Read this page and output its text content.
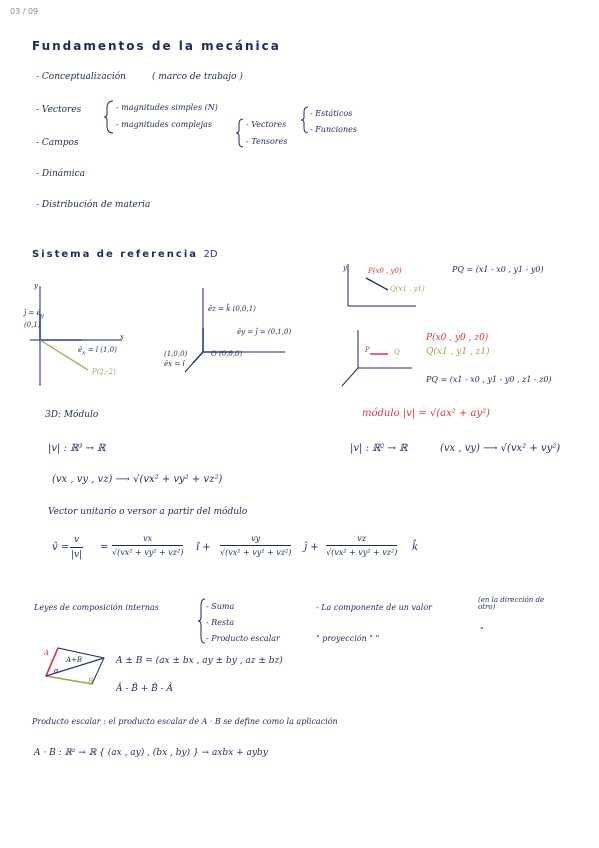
03 / 09
Fundamentos de la mecánica
- Conceptualización	( marco de trabajo )
- Vectores	- magnitudes simples (N)
- magnitudes complejas	- Vectores
- Tensores
- Estáticos
- Funciones
- Campos
- Dinámica
- Distribución de materia
Sistema de referencia 2D
y
x
ĵ = $ê_y$
(0,1)
$ê_x$ = î (1,0)
P(2,-2)
êz = k̂ (0,0,1)
êy = ĵ = (0,1,0)
(1,0,0)
êx = î
O (0,0,0)
y	P(x0 , y0)
Q(x1 , y1)
PQ = (x1 - x0 , y1 - y0)
P	Q
P(x0 , y0 , z0)
Q(x1 , y1 , z1)
PQ = (x1 - x0 , y1 - y0 , z1 - z0)
3D: Módulo	módulo |v| = √(ax² + ay²)
|v| : ℝ³ → ℝ	|v| : ℝ² → ℝ	(vx , vy) ⟶ √(vx² + vy²)
(vx , vy , vz) ⟶ √(vx² + vy² + vz²)
Vector unitario o versor a partir del módulo
v̂ = $\frac{v}{|v|} = \frac{vx}{\text{√(vx² + vy² + vz²)}}$ î + $\frac{vy}{\text{√(vx² + vy² + vz²)}}$ ĵ + $\frac{vz}{\text{√(vx² + vy² + vz²)}}$ k̂
Leyes de composición internas	- Suma
- Resta
- Producto escalar
- La componente de un valor
(en la dirección de otro)
" proyección " "
"
A
B
A+B
α
A ± B = (ax ± bx , ay ± by , az ± bz)
Â - B̂ + B̂ - Â
Producto escalar : el producto escalar de A · B se define como la aplicación
A · B : ℝ² → ℝ { (ax , ay) , (bx , by) } → axbx + ayby
